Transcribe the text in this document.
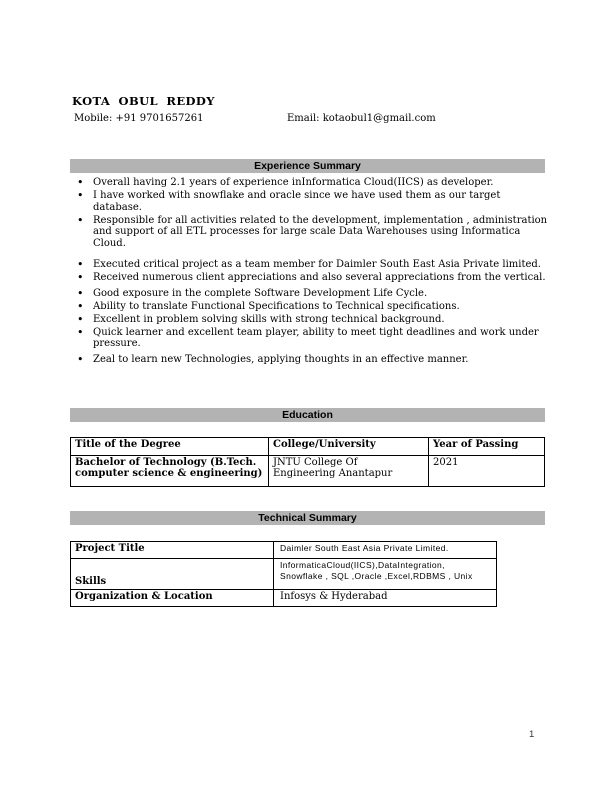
KOTA OBUL REDDY
Mobile: +91 9701657261	Email: kotaobul1@gmail.com
Experience Summary
• Overall having 2.1 years of experience inInformatica Cloud(IICS) as developer.
• I have worked with snowflake and oracle since we have used them as our target database.
• Responsible for all activities related to the development, implementation , administration and support of all ETL processes for large scale Data Warehouses using Informatica Cloud.
• Executed critical project as a team member for Daimler South East Asia Private limited.
• Received numerous client appreciations and also several appreciations from the vertical.
• Good exposure in the complete Software Development Life Cycle.
• Ability to translate Functional Specifications to Technical specifications.
• Excellent in problem solving skills with strong technical background.
• Quick learner and excellent team player, ability to meet tight deadlines and work under pressure.
• Zeal to learn new Technologies, applying thoughts in an effective manner.
Education
Title of the Degree	College/University	Year of Passing
Bachelor of Technology (B.Tech. computer science & engineering)	JNTU College Of Engineering Anantapur	2021
Technical Summary
Project Title	Daimler South East Asia Private Limited.
Skills	InformaticaCloud(IICS),DataIntegration, Snowflake , SQL ,Oracle ,Excel,RDBMS , Unix
Organization & Location	Infosys & Hyderabad
1
